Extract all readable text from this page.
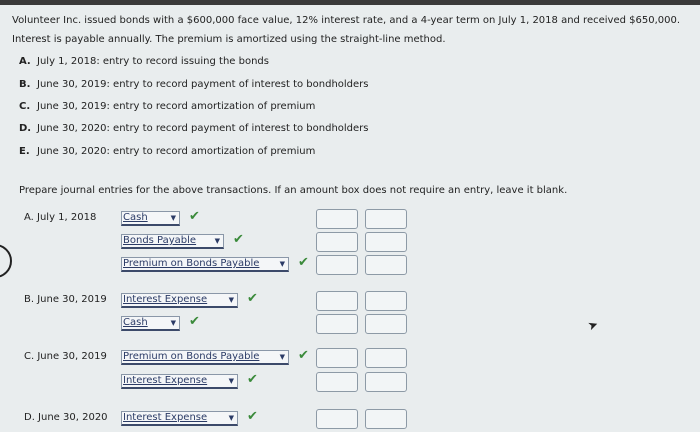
Volunteer Inc. issued bonds with a $600,000 face value, 12% interest rate, and a 4-year term on July 1, 2018 and received $650,000. Interest is payable annually. The premium is amortized using the straight-line method.
A. July 1, 2018: entry to record issuing the bonds
B. June 30, 2019: entry to record payment of interest to bondholders
C. June 30, 2019: entry to record amortization of premium
D. June 30, 2020: entry to record payment of interest to bondholders
E. June 30, 2020: entry to record amortization of premium
Prepare journal entries for the above transactions. If an amount box does not require an entry, leave it blank.
A. July 1, 2018	Cash	▼ ✔
Bonds Payable	▼ ✔
Premium on Bonds Payable	▼ ✔
B. June 30, 2019 Interest Expense	▼ ✔
Cash	▼ ✔
C. June 30, 2019 Premium on Bonds Payable	▼ ✔
Interest Expense	▼ ✔
D. June 30, 2020 Interest Expense	▼ ✔
➤
